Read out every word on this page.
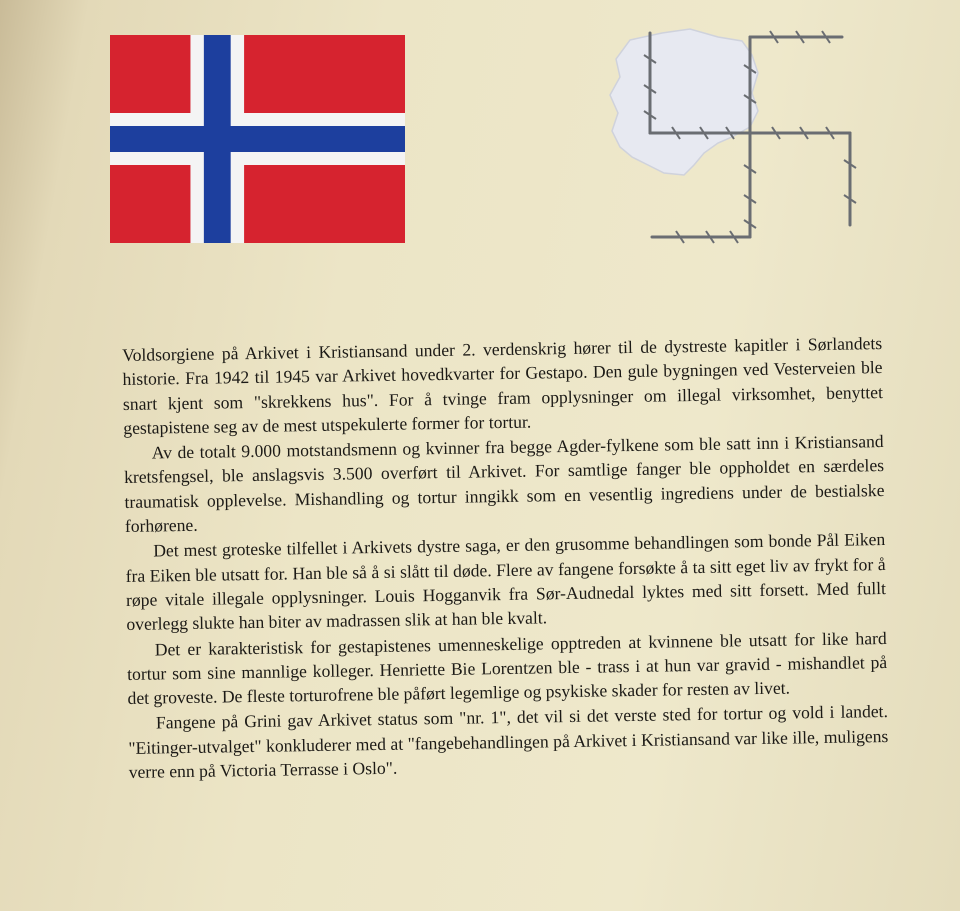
Voldsorgiene på Arkivet i Kristiansand under 2. verdenskrig hører til de dystreste kapitler i Sørlandets historie. Fra 1942 til 1945 var Arkivet hovedkvarter for Gestapo. Den gule bygningen ved Vesterveien ble snart kjent som "skrekkens hus". For å tvinge fram opplysninger om illegal virksomhet, benyttet gestapistene seg av de mest utspekulerte former for tortur.

Av de totalt 9.000 motstandsmenn og kvinner fra begge Agder-fylkene som ble satt inn i Kristiansand kretsfengsel, ble anslagsvis 3.500 overført til Arkivet. For samtlige fanger ble oppholdet en særdeles traumatisk opplevelse. Mishandling og tortur inngikk som en vesentlig ingrediens under de bestialske forhørene.

Det mest groteske tilfellet i Arkivets dystre saga, er den grusomme behandlingen som bonde Pål Eiken fra Eiken ble utsatt for. Han ble så å si slått til døde. Flere av fangene forsøkte å ta sitt eget liv av frykt for å røpe vitale illegale opplysninger. Louis Hogganvik fra Sør-Audnedal lyktes med sitt forsett. Med fullt overlegg slukte han biter av madrassen slik at han ble kvalt.

Det er karakteristisk for gestapistenes umenneskelige opptreden at kvinnene ble utsatt for like hard tortur som sine mannlige kolleger. Henriette Bie Lorentzen ble - trass i at hun var gravid - mishandlet på det groveste. De fleste torturofrene ble påført legemlige og psykiske skader for resten av livet.

Fangene på Grini gav Arkivet status som "nr. 1", det vil si det verste sted for tortur og vold i landet. "Eitinger-utvalget" konkluderer med at "fangebehandlingen på Arkivet i Kristiansand var like ille, muligens verre enn på Victoria Terrasse i Oslo".
